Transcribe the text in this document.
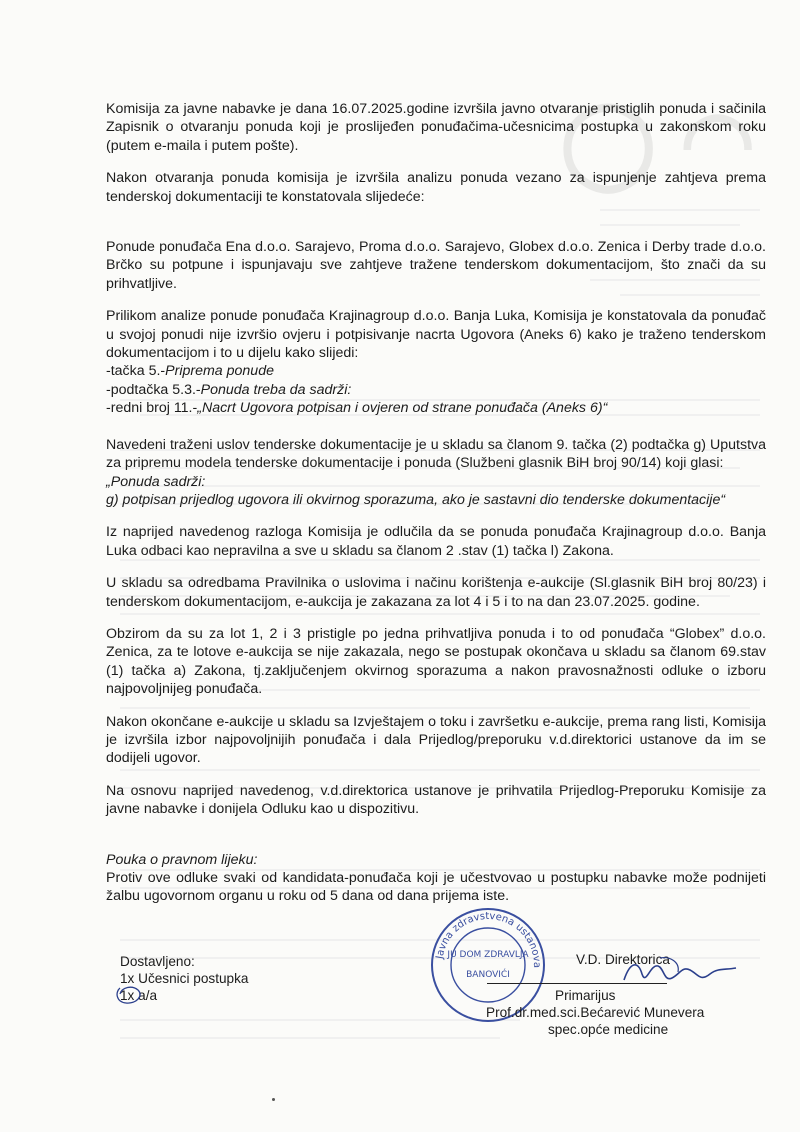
◯ ◠

Komisija za javne nabavke je dana 16.07.2025.godine izvršila javno otvaranje pristiglih ponuda i sačinila Zapisnik o otvaranju ponuda koji je proslijeđen ponuđačima-učesnicima postupka u zakonskom roku (putem e-maila i putem pošte).

Nakon otvaranja ponuda komisija je izvršila analizu ponuda vezano za ispunjenje zahtjeva prema tenderskoj dokumentaciji te konstatovala slijedeće:

Ponude ponuđača Ena d.o.o. Sarajevo, Proma d.o.o. Sarajevo, Globex d.o.o. Zenica i Derby trade d.o.o. Brčko su potpune i ispunjavaju sve zahtjeve tražene tenderskom dokumentacijom, što znači da su prihvatljive.

Prilikom analize ponude ponuđača Krajinagroup d.o.o. Banja Luka, Komisija je konstatovala da ponuđač u svojoj ponudi nije izvršio ovjeru i potpisivanje nacrta Ugovora (Aneks 6) kako je traženo tenderskom dokumentacijom i to u dijelu kako slijedi:

-tačka 5.-Priprema ponude
-podtačka 5.3.-Ponuda treba da sadrži:
-redni broj 11.-„Nacrt Ugovora potpisan i ovjeren od strane ponuđača (Aneks 6)“

Navedeni traženi uslov tenderske dokumentacije je u skladu sa članom 9. tačka (2) podtačka g) Uputstva za pripremu modela tenderske dokumentacije i ponuda (Službeni glasnik BiH broj 90/14) koji glasi:

„Ponuda sadrži:
g) potpisan prijedlog ugovora ili okvirnog sporazuma, ako je sastavni dio tenderske dokumentacije“

Iz naprijed navedenog razloga Komisija je odlučila da se ponuda ponuđača Krajinagroup d.o.o. Banja Luka odbaci kao nepravilna a sve u skladu sa članom 2 .stav (1) tačka l) Zakona.

U skladu sa odredbama Pravilnika o uslovima i načinu korištenja e-aukcije (Sl.glasnik BiH broj 80/23) i tenderskom dokumentacijom, e-aukcija je zakazana za lot 4 i 5 i to na dan 23.07.2025. godine.

Obzirom da su za lot 1, 2 i 3 pristigle po jedna prihvatljiva ponuda i to od ponuđača “Globex” d.o.o. Zenica, za te lotove e-aukcija se nije zakazala, nego se postupak okončava u skladu sa članom 69.stav (1) tačka a) Zakona, tj.zaključenjem okvirnog sporazuma a nakon pravosnažnosti odluke o izboru najpovoljnijeg ponuđača.

Nakon okončane e-aukcije u skladu sa Izvještajem o toku i završetku e-aukcije, prema rang listi, Komisija je izvršila izbor najpovoljnijih ponuđača i dala Prijedlog/preporuku v.d.direktorici ustanove da im se dodijeli ugovor.

Na osnovu naprijed navedenog, v.d.direktorica ustanove je prihvatila Prijedlog-Preporuku Komisije za javne nabavke i donijela Odluku kao u dispozitivu.

Pouka o pravnom lijeku:

Protiv ove odluke svaki od kandidata-ponuđača koji je učestvovao u postupku nabavke može podnijeti žalbu ugovornom organu u roku od 5 dana od dana prijema iste.

Dostavljeno:
1x Učesnici postupka
1x a/a
Javna zdravstvena ustanova
JU DOM ZDRAVLJA
BANOVIĆI
V.D. Direktorica
Primarijus
Prof.dr.med.sci.Bećarević Munevera
spec.opće medicine
